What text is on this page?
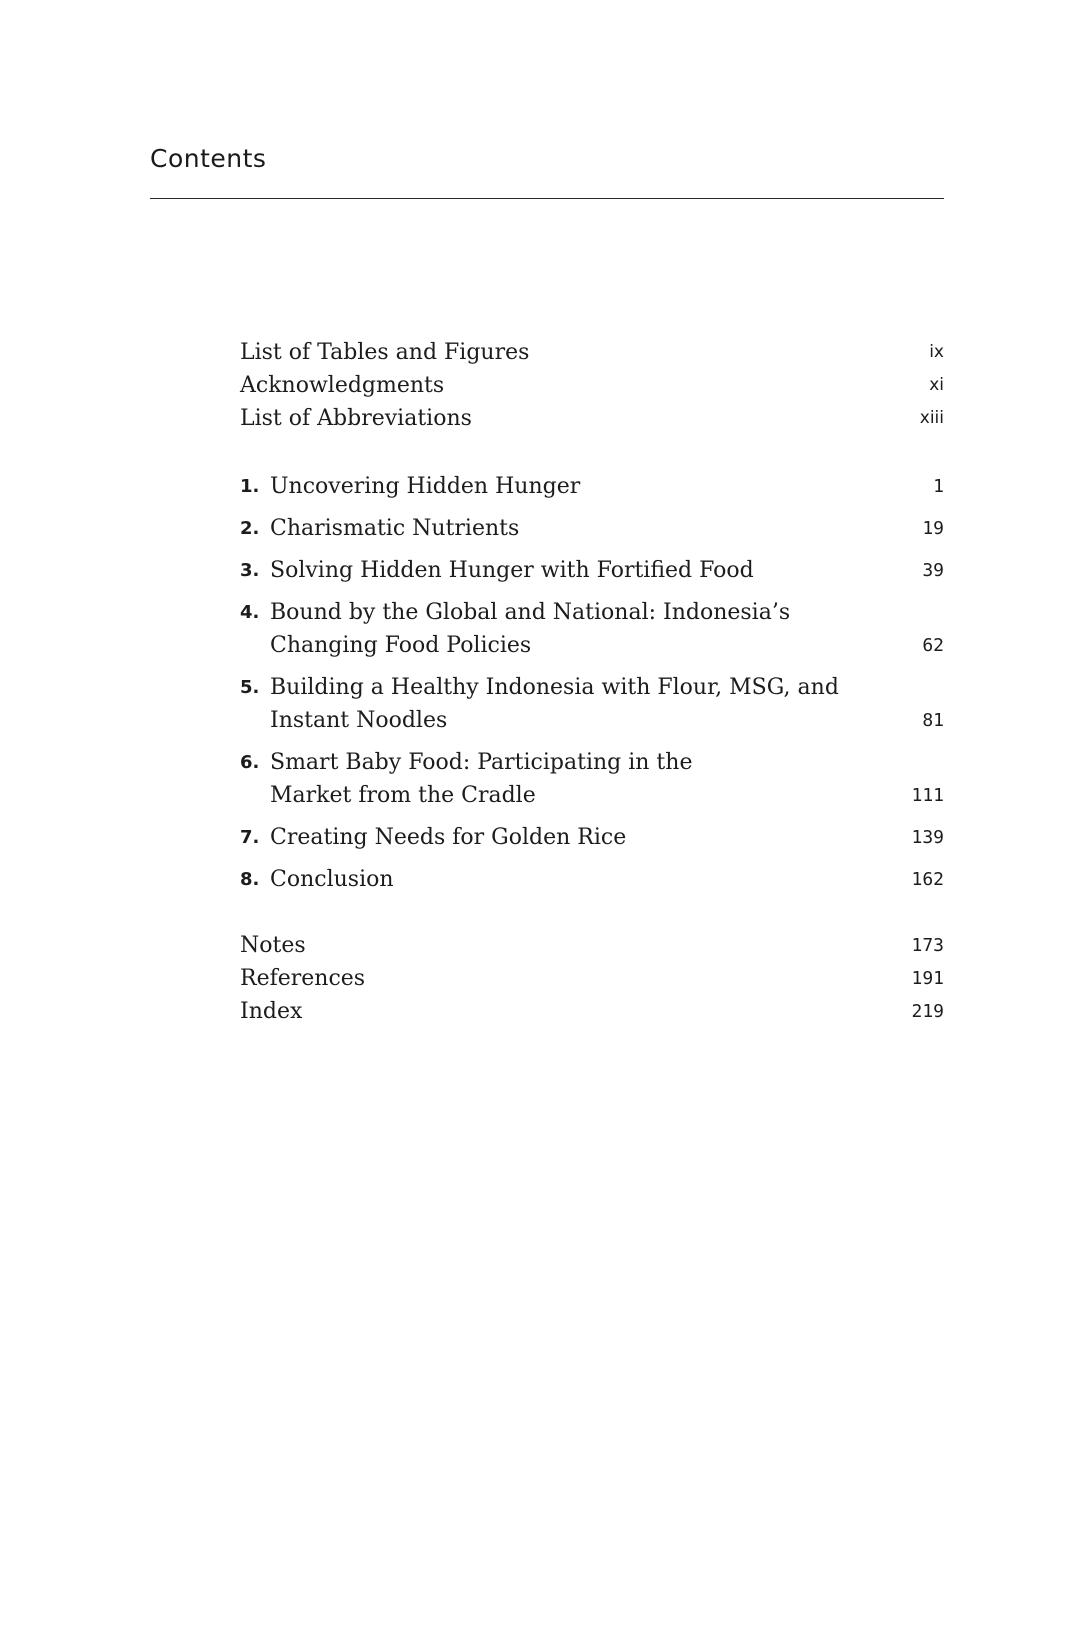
Contents
List of Tables and Figures	ix
Acknowledgments	xi
List of Abbreviations	xiii
1. Uncovering Hidden Hunger	1
2. Charismatic Nutrients	19
3. Solving Hidden Hunger with Fortified Food	39
4. Bound by the Global and National: Indonesia’s
Changing Food Policies	62
5. Building a Healthy Indonesia with Flour, MSG, and
Instant Noodles	81
6. Smart Baby Food: Participating in the
Market from the Cradle	111
7. Creating Needs for Golden Rice	139
8. Conclusion	162
Notes	173
References	191
Index	219
